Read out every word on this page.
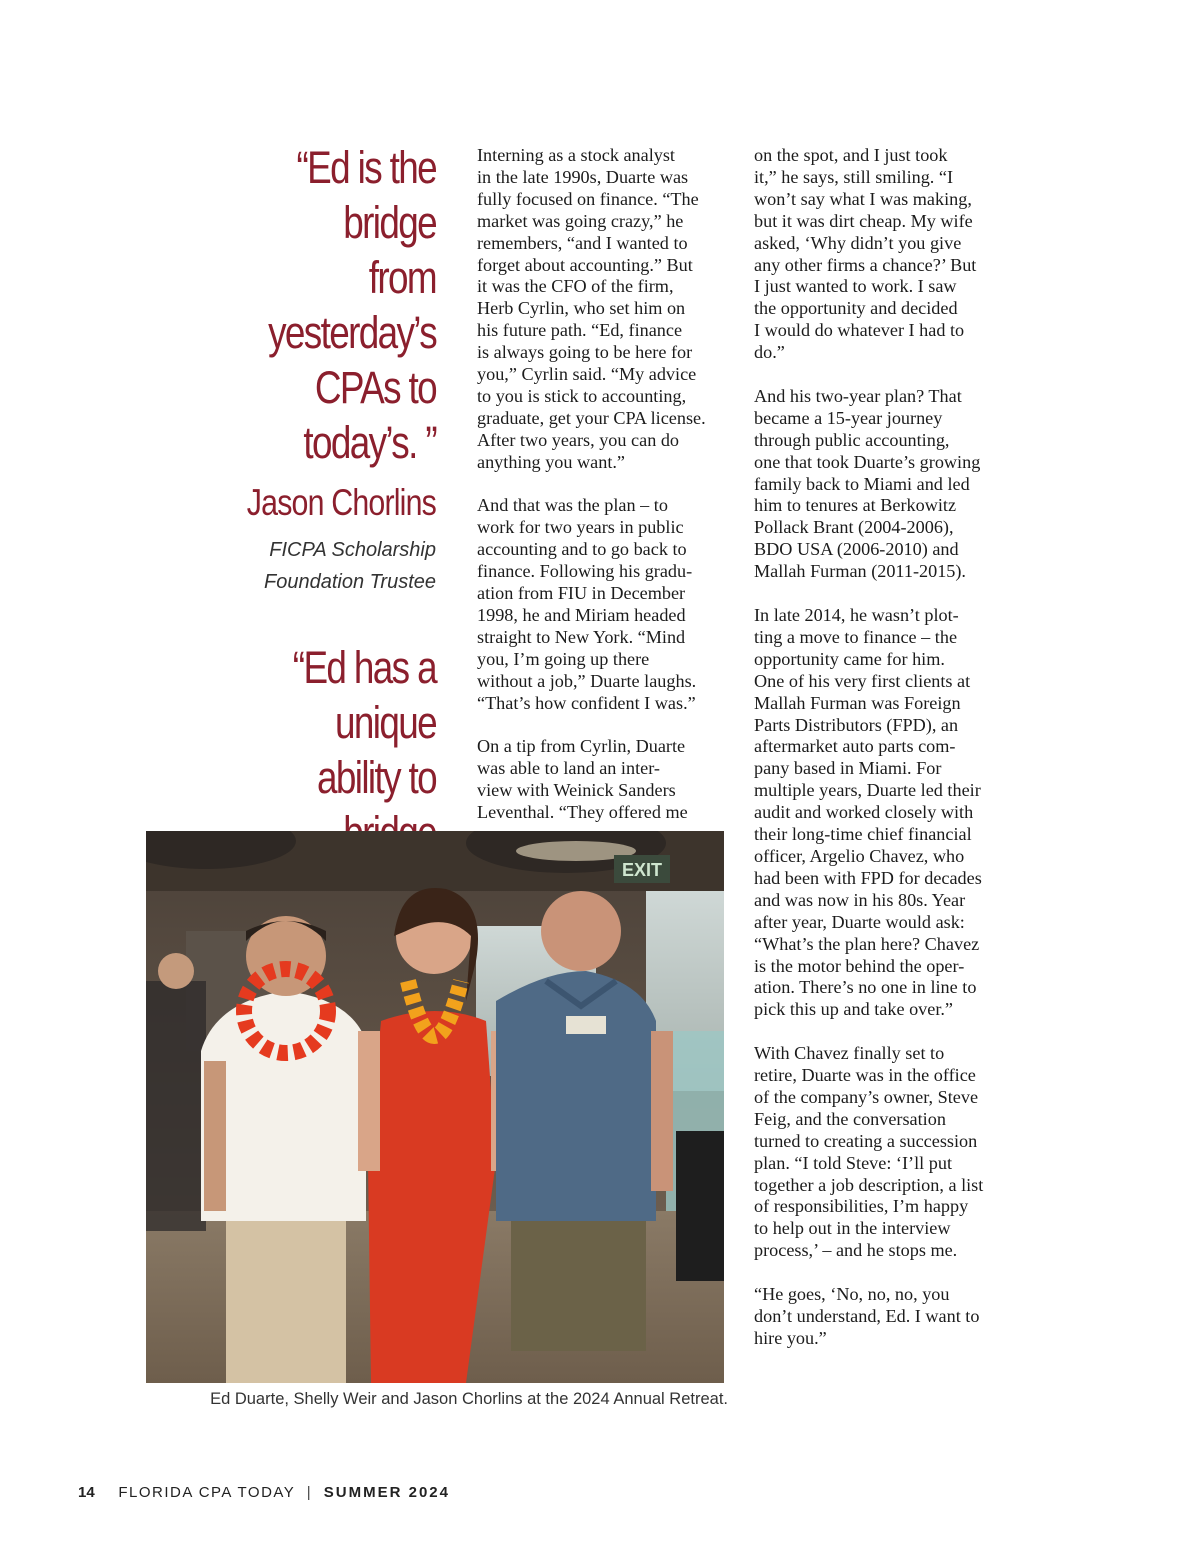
“Ed is the bridge
from yesterday’s
CPAs to today’s. ”
Jason Chorlins
FICPA Scholarship
Foundation Trustee
“Ed has a unique
ability to

Interning as a stock analyst
in the late 1990s, Duarte was
fully focused on finance. “The
market was going crazy,” he
remembers, “and I wanted to
forget about accounting.” But
it was the CFO of the firm,
Herb Cyrlin, who set him on
his future path. “Ed, finance
is always going to be here for
you,” Cyrlin said. “My advice
to you is stick to accounting,
graduate, get your CPA license.
After two years, you can do
anything you want.”

And that was the plan – to
work for two years in public
accounting and to go back to
finance. Following his gradu-
ation from FIU in December
1998, he and Miriam headed
straight to New York. “Mind
you, I’m going up there
without a job,” Duarte laughs.
“That’s how confident I was.”

On a tip from Cyrlin, Duarte
was able to land an inter-
view with Weinick Sanders
Leventhal. “They offered me

on the spot, and I just took
it,” he says, still smiling. “I
won’t say what I was making,
but it was dirt cheap. My wife
asked, ‘Why didn’t you give
any other firms a chance?’ But
I just wanted to work. I saw
the opportunity and decided
I would do whatever I had to
do.”

And his two-year plan? That
became a 15-year journey
through public accounting,
one that took Duarte’s growing
family back to Miami and led
him to tenures at Berkowitz
Pollack Brant (2004-2006),
BDO USA (2006-2010) and
Mallah Furman (2011-2015).

In late 2014, he wasn’t plot-
ting a move to finance – the
opportunity came for him.
One of his very first clients at
Mallah Furman was Foreign
Parts Distributors (FPD), an
aftermarket auto parts com-
pany based in Miami. For
multiple years, Duarte led their
audit and worked closely with
their long-time chief financial
officer, Argelio Chavez, who
had been with FPD for decades
and was now in his 80s. Year
after year, Duarte would ask:
“What’s the plan here? Chavez
is the motor behind the oper-
ation. There’s no one in line to
pick this up and take over.”

With Chavez finally set to
retire, Duarte was in the office
of the company’s owner, Steve
Feig, and the conversation
turned to creating a succession
plan. “I told Steve: ‘I’ll put
together a job description, a list
of responsibilities, I’m happy
to help out in the interview
process,’ – and he stops me.

“He goes, ‘No, no, no, you
don’t understand, Ed. I want to
hire you.”

EXIT
Ed Duarte, Shelly Weir and Jason Chorlins at the 2024 Annual Retreat.
14 FLORIDA CPA TODAY | SUMMER 2024
